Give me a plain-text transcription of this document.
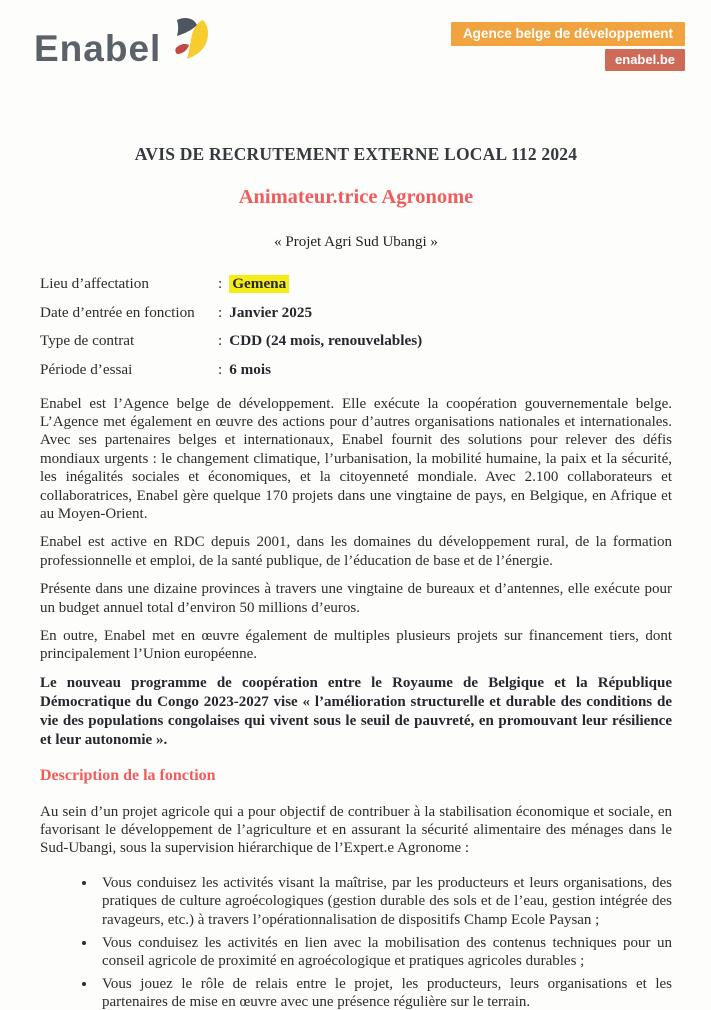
Enabel	Agence belge de développement
enabel.be
AVIS DE RECRUTEMENT EXTERNE LOCAL 112 2024
Animateur.trice Agronome
« Projet Agri Sud Ubangi »
Lieu d’affectation	: Gemena
Date d’entrée en fonction	: Janvier 2025
Type de contrat	: CDD (24 mois, renouvelables)
Période d’essai	: 6 mois

Enabel est l’Agence belge de développement. Elle exécute la coopération gouvernementale belge. L’Agence met également en œuvre des actions pour d’autres organisations nationales et internationales. Avec ses partenaires belges et internationaux, Enabel fournit des solutions pour relever des défis mondiaux urgents : le changement climatique, l’urbanisation, la mobilité humaine, la paix et la sécurité, les inégalités sociales et économiques, et la citoyenneté mondiale. Avec 2.100 collaborateurs et collaboratrices, Enabel gère quelque 170 projets dans une vingtaine de pays, en Belgique, en Afrique et au Moyen-Orient.

Enabel est active en RDC depuis 2001, dans les domaines du développement rural, de la formation professionnelle et emploi, de la santé publique, de l’éducation de base et de l’énergie.

Présente dans une dizaine provinces à travers une vingtaine de bureaux et d’antennes, elle exécute pour un budget annuel total d’environ 50 millions d’euros.

En outre, Enabel met en œuvre également de multiples plusieurs projets sur financement tiers, dont principalement l’Union européenne.

Le nouveau programme de coopération entre le Royaume de Belgique et la République Démocratique du Congo 2023-2027 vise « l’amélioration structurelle et durable des conditions de vie des populations congolaises qui vivent sous le seuil de pauvreté, en promouvant leur résilience et leur autonomie ».

Description de la fonction

Au sein d’un projet agricole qui a pour objectif de contribuer à la stabilisation économique et sociale, en favorisant le développement de l’agriculture et en assurant la sécurité alimentaire des ménages dans le Sud-Ubangi, sous la supervision hiérarchique de l’Expert.e Agronome :

• Vous conduisez les activités visant la maîtrise, par les producteurs et leurs organisations, des pratiques de culture agroécologiques (gestion durable des sols et de l’eau, gestion intégrée des ravageurs, etc.) à travers l’opérationnalisation de dispositifs Champ Ecole Paysan ;
• Vous conduisez les activités en lien avec la mobilisation des contenus techniques pour un conseil agricole de proximité en agroécologique et pratiques agricoles durables ;
• Vous jouez le rôle de relais entre le projet, les producteurs, leurs organisations et les partenaires de mise en œuvre avec une présence régulière sur le terrain.
